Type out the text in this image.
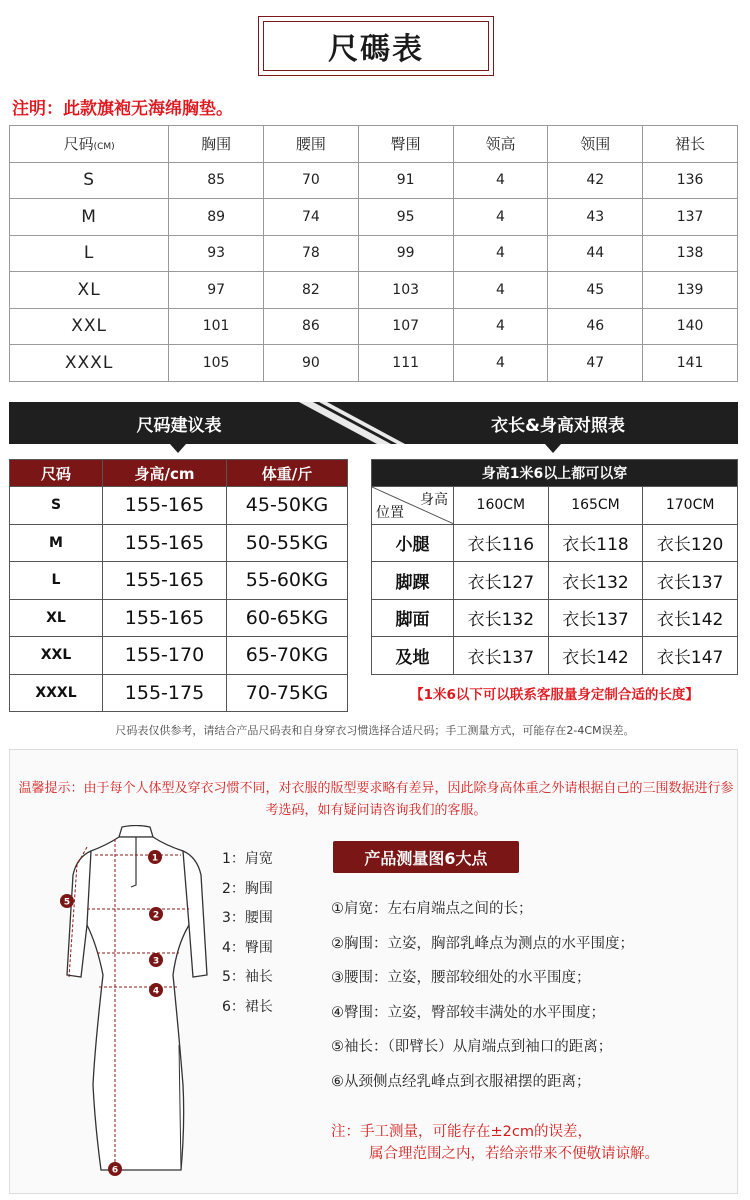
尺碼表
注明：此款旗袍无海绵胸垫。
尺码(CM)	胸围	腰围	臀围	领高	领围	裙长
S	85	70	91	4	42	136
M	89	74	95	4	43	137
L	93	78	99	4	44	138
XL	97	82	103	4	45	139
XXL	101	86	107	4	46	140
XXXL	105	90	111	4	47	141
尺码建议表	衣长&身高对照表
尺码	身高/cm	体重/斤
S	155-165	45-50KG
M	155-165	50-55KG
L	155-165	55-60KG
XL	155-165	60-65KG
XXL	155-170	65-70KG
XXXL	155-175	70-75KG
身高1米6以上都可以穿			

身高
位置	160CM	165CM	170CM
小腿	衣长116	衣长118	衣长120
脚踝	衣长127	衣长132	衣长137
脚面	衣长132	衣长137	衣长142
及地	衣长137	衣长142	衣长147
【1米6以下可以联系客服量身定制合适的长度】
尺码表仅供参考，请结合产品尺码表和自身穿衣习惯选择合适尺码；手工测量方式，可能存在2-4CM误差。
温馨提示：由于每个人体型及穿衣习惯不同，对衣服的版型要求略有差异，因此除身高体重之外请根据自己的三围数据进行参考选码，如有疑问请咨询我们的客服。
1
2
3
4
5
6
1：肩宽
2：胸围
3：腰围
4：臀围
5：袖长
6：裙长
产品测量图6大点
①肩宽：左右肩端点之间的长；
②胸围：立姿，胸部乳峰点为测点的水平围度；
③腰围：立姿，腰部较细处的水平围度；
④臀围：立姿，臀部较丰满处的水平围度；
⑤袖长：（即臂长）从肩端点到袖口的距离；
⑥从颈侧点经乳峰点到衣服裙摆的距离；
注：手工测量，可能存在±2cm的误差，
属合理范围之内，若给亲带来不便敬请谅解。
